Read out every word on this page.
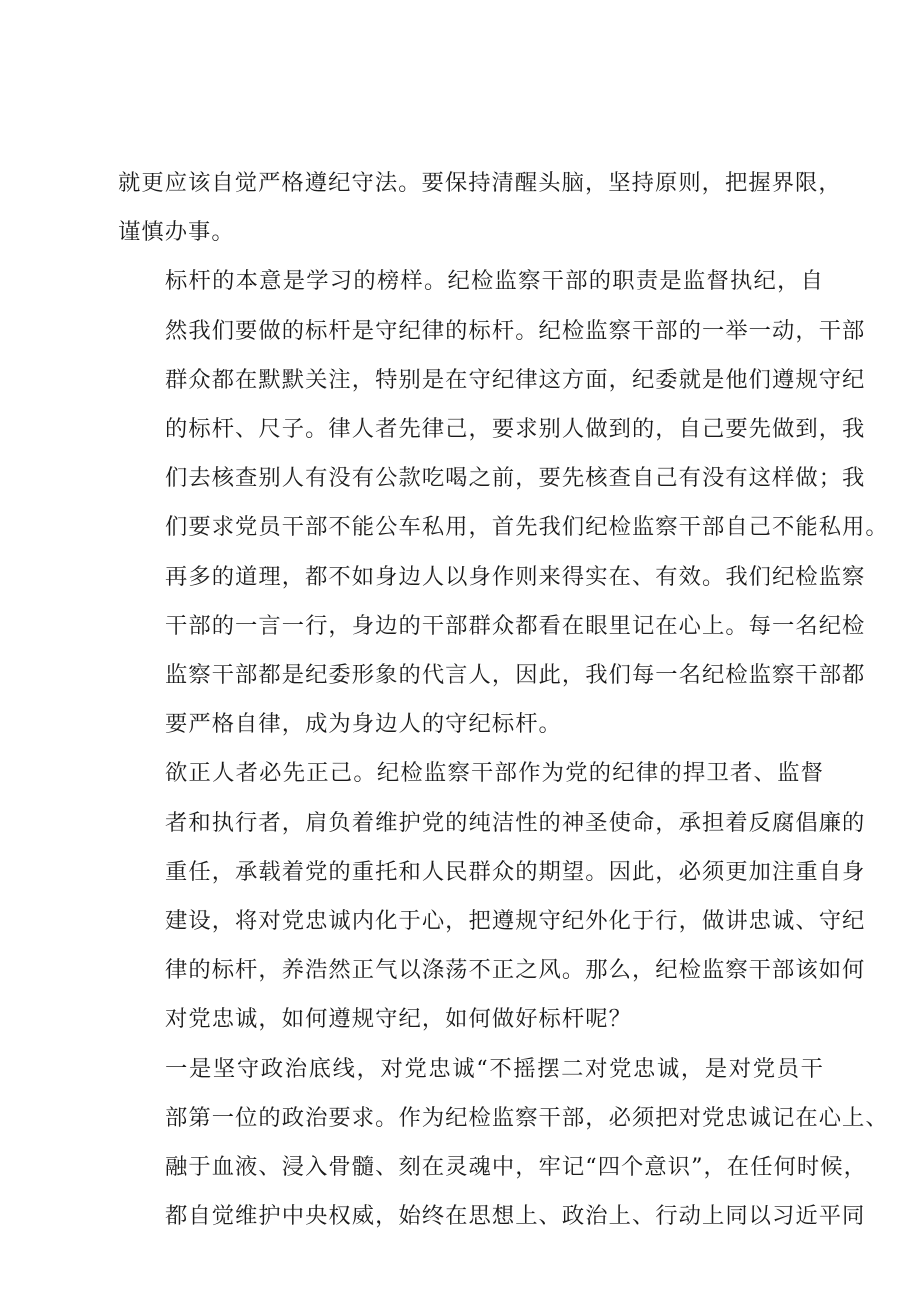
就更应该自觉严格遵纪守法。要保持清醒头脑，坚持原则，把握界限，
谨慎办事。

标杆的本意是学习的榜样。纪检监察干部的职责是监督执纪，自
然我们要做的标杆是守纪律的标杆。纪检监察干部的一举一动，干部
群众都在默默关注，特别是在守纪律这方面，纪委就是他们遵规守纪
的标杆、尺子。律人者先律己，要求别人做到的，自己要先做到，我
们去核查别人有没有公款吃喝之前，要先核查自己有没有这样做；我
们要求党员干部不能公车私用，首先我们纪检监察干部自己不能私用。
再多的道理，都不如身边人以身作则来得实在、有效。我们纪检监察
干部的一言一行，身边的干部群众都看在眼里记在心上。每一名纪检
监察干部都是纪委形象的代言人，因此，我们每一名纪检监察干部都
要严格自律，成为身边人的守纪标杆。

欲正人者必先正己。纪检监察干部作为党的纪律的捍卫者、监督
者和执行者，肩负着维护党的纯洁性的神圣使命，承担着反腐倡廉的
重任，承载着党的重托和人民群众的期望。因此，必须更加注重自身
建设，将对党忠诚内化于心，把遵规守纪外化于行，做讲忠诚、守纪
律的标杆，养浩然正气以涤荡不正之风。那么，纪检监察干部该如何
对党忠诚，如何遵规守纪，如何做好标杆呢？

一是坚守政治底线，对党忠诚“不摇摆二对党忠诚，是对党员干
部第一位的政治要求。作为纪检监察干部，必须把对党忠诚记在心上、
融于血液、浸入骨髓、刻在灵魂中，牢记“四个意识”，在任何时候，
都自觉维护中央权威，始终在思想上、政治上、行动上同以习近平同
